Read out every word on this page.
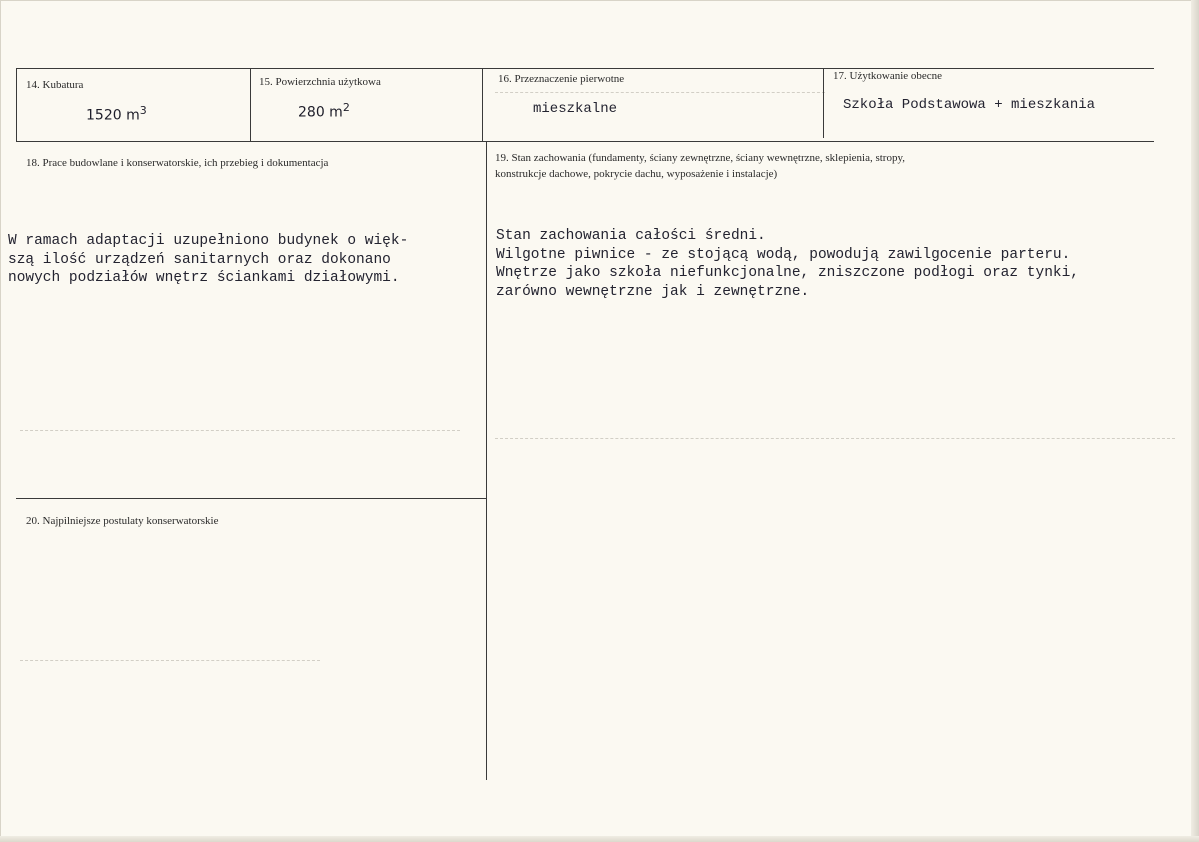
14. Kubatura
1520 $m^3$
15. Powierzchnia użytkowa
280 $m^2$
16. Przeznaczenie pierwotne
mieszkalne
17. Użytkowanie obecne
Szkoła Podstawowa + mieszkania
18. Prace budowlane i konserwatorskie, ich przebieg i dokumentacja

W ramach adaptacji uzupełniono budynek o więk-
szą ilość urządzeń sanitarnych oraz dokonano
nowych podziałów wnętrz ściankami działowymi.

19. Stan zachowania (fundamenty, ściany zewnętrzne, ściany wewnętrzne, sklepienia, stropy,
konstrukcje dachowe, pokrycie dachu, wyposażenie i instalacje)

Stan zachowania całości średni.
Wilgotne piwnice - ze stojącą wodą, powodują zawilgocenie parteru.
Wnętrze jako szkoła niefunkcjonalne, zniszczone podłogi oraz tynki,
zarówno wewnętrzne jak i zewnętrzne.

20. Najpilniejsze postulaty konserwatorskie
